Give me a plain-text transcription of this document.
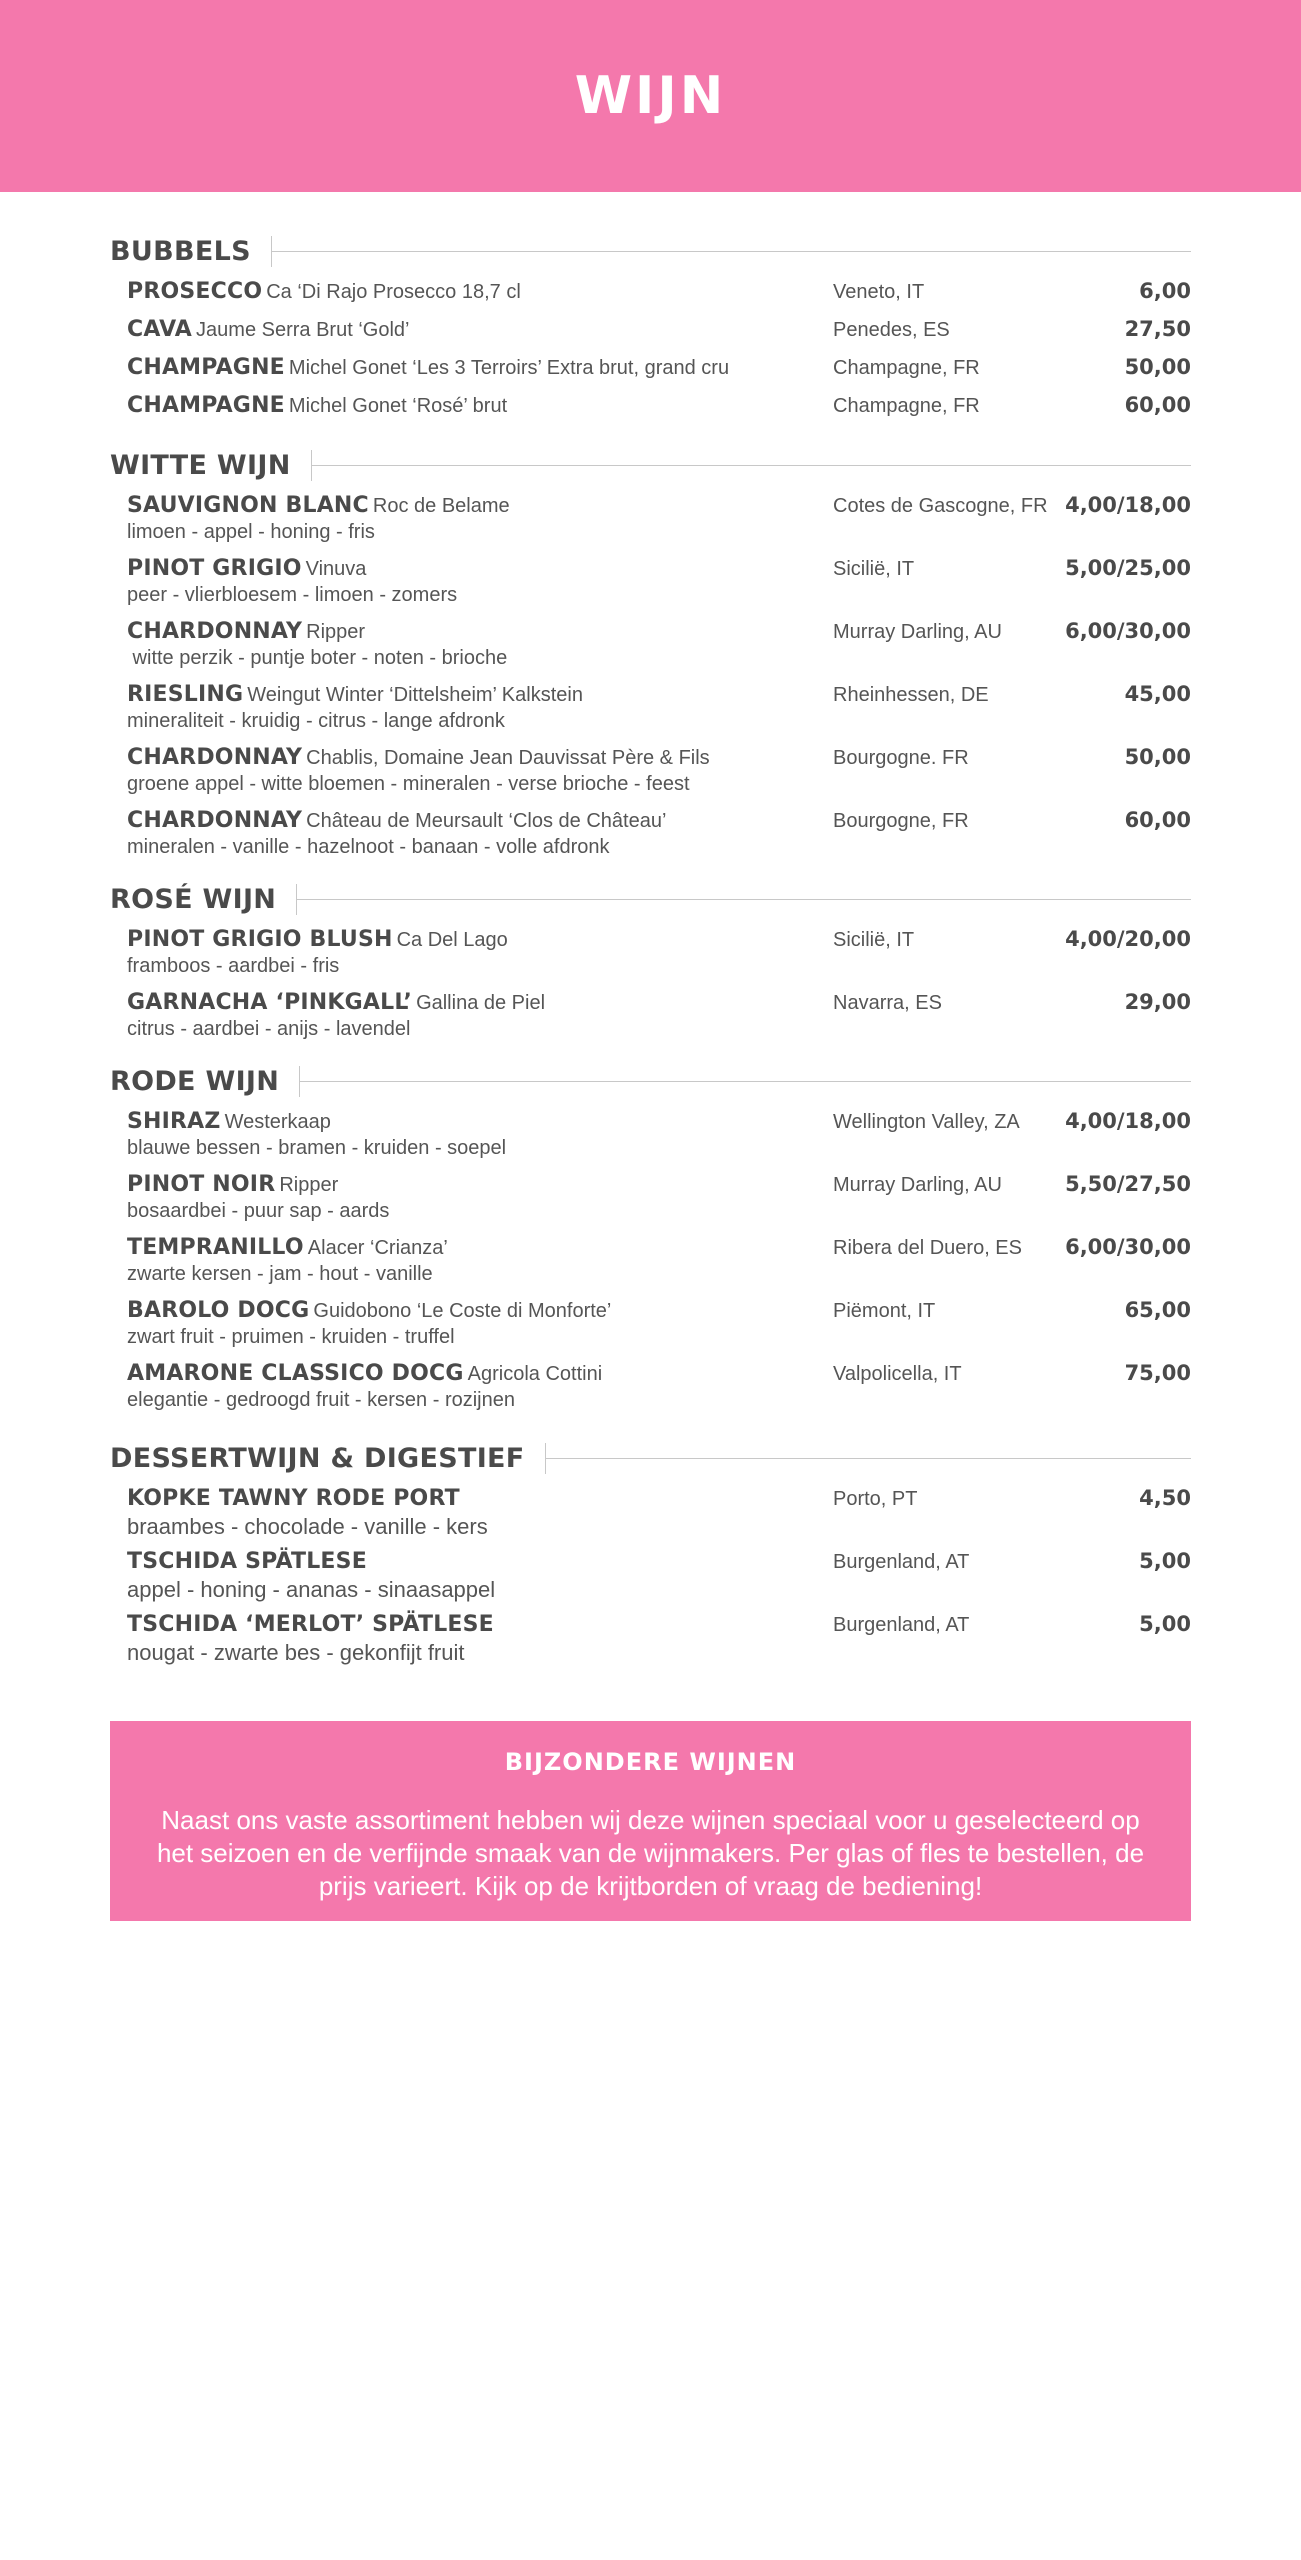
WIJN
BUBBELS
PROSECCO Ca ‘Di Rajo Prosecco 18,7 cl	Veneto, IT	6,00
CAVA Jaume Serra Brut ‘Gold’	Penedes, ES	27,50
CHAMPAGNE Michel Gonet ‘Les 3 Terroirs’ Extra brut, grand cru	Champagne, FR	50,00
CHAMPAGNE Michel Gonet ‘Rosé’ brut	Champagne, FR	60,00
WITTE WIJN
SAUVIGNON BLANC Roc de Belame	Cotes de Gascogne, FR 4,00/18,00
limoen - appel - honing - fris
PINOT GRIGIO Vinuva	Sicilië, IT	5,00/25,00
peer - vlierbloesem - limoen - zomers
CHARDONNAY Ripper	Murray Darling, AU	6,00/30,00
witte perzik - puntje boter - noten - brioche
RIESLING Weingut Winter ‘Dittelsheim’ Kalkstein	Rheinhessen, DE	45,00
mineraliteit - kruidig - citrus - lange afdronk
CHARDONNAY Chablis, Domaine Jean Dauvissat Père & Fils	Bourgogne. FR	50,00
groene appel - witte bloemen - mineralen - verse brioche - feest
CHARDONNAY Château de Meursault ‘Clos de Château’	Bourgogne, FR	60,00
mineralen - vanille - hazelnoot - banaan - volle afdronk
ROSÉ WIJN
PINOT GRIGIO BLUSH Ca Del Lago	Sicilië, IT	4,00/20,00
framboos - aardbei - fris
GARNACHA ‘PINKGALL’ Gallina de Piel	Navarra, ES	29,00
citrus - aardbei - anijs - lavendel
RODE WIJN
SHIRAZ Westerkaap	Wellington Valley, ZA	4,00/18,00
blauwe bessen - bramen - kruiden - soepel
PINOT NOIR Ripper	Murray Darling, AU	5,50/27,50
bosaardbei - puur sap - aards
TEMPRANILLO Alacer ‘Crianza’	Ribera del Duero, ES	6,00/30,00
zwarte kersen - jam - hout - vanille
BAROLO DOCG Guidobono ‘Le Coste di Monforte’	Piëmont, IT	65,00
zwart fruit - pruimen - kruiden - truffel
AMARONE CLASSICO DOCG Agricola Cottini	Valpolicella, IT	75,00
elegantie - gedroogd fruit - kersen - rozijnen
DESSERTWIJN & DIGESTIEF
KOPKE TAWNY RODE PORT	Porto, PT	4,50
braambes - chocolade - vanille - kers
TSCHIDA SPÄTLESE	Burgenland, AT	5,00
appel - honing - ananas - sinaasappel
TSCHIDA ‘MERLOT’ SPÄTLESE	Burgenland, AT	5,00
nougat - zwarte bes - gekonfijt fruit
BIJZONDERE WIJNEN

Naast ons vaste assortiment hebben wij deze wijnen speciaal voor u geselecteerd op het seizoen en de verfijnde smaak van de wijnmakers. Per glas of fles te bestellen, de prijs varieert. Kijk op de krijtborden of vraag de bediening!
